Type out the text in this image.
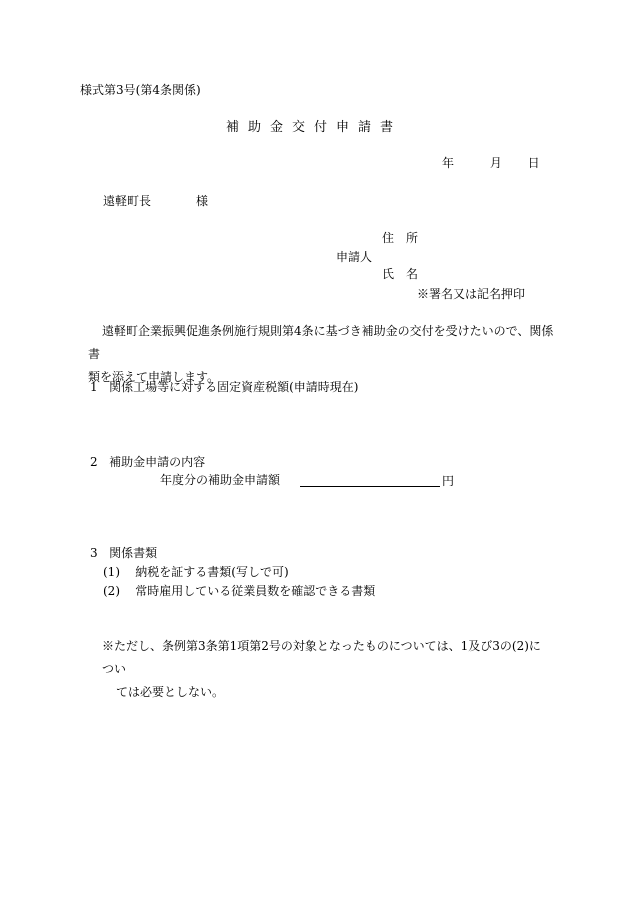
様式第3号(第4条関係)
補助金交付申請書
年	月 日
遠軽町長	様
住　所
申請人
氏　名
※署名又は記名押印
遠軽町企業振興促進条例施行規則第4条に基づき補助金の交付を受けたいので、関係書
類を添えて申請します。
1 関係工場等に対する固定資産税額(申請時現在)
2 補助金申請の内容
年度分の補助金申請額	円
3 関係書類
(1) 納税を証する書類(写しで可)
(2) 常時雇用している従業員数を確認できる書類
※ただし、条例第3条第1項第2号の対象となったものについては、1及び3の(2)につい
ては必要としない。
